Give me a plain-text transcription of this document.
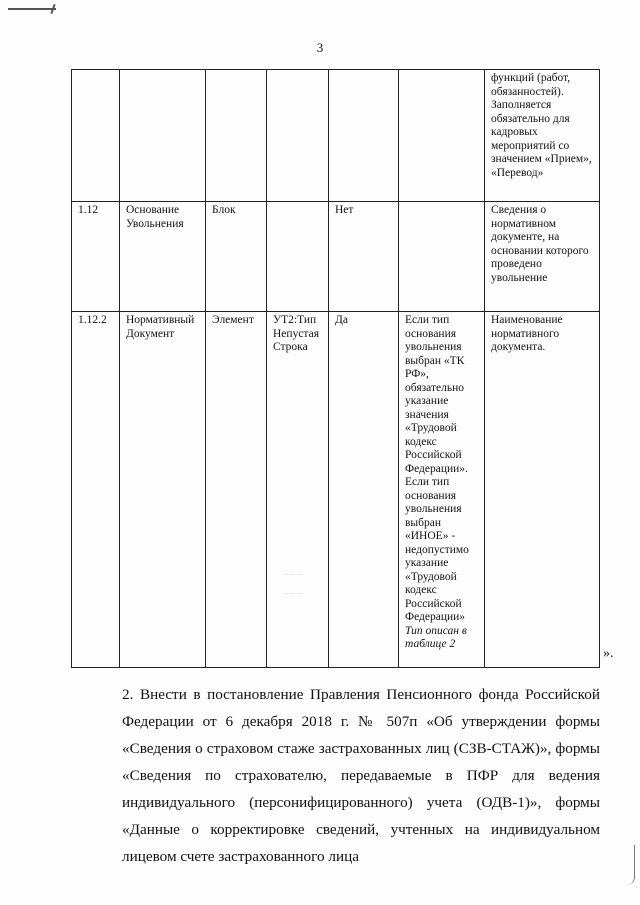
3
						функций (работ, обязанностей). Заполняется обязательно для кадровых мероприятий со значением «Прием», «Перевод»
1.12	Основание Увольнения	Блок		Нет		Сведения о нормативном документе, на основании которого проведено увольнение
1.12.2	Нормативный Документ	Элемент	УТ2:Тип Непустая Строка	Да	Если тип основания увольнения выбран «ТК РФ», обязательно указание значения «Трудовой кодекс Российской Федерации». Если тип основания увольнения выбран «ИНОЕ» - недопустимо указание «Трудовой кодекс Российской Федерации» Тип описан в таблице 2	Наименование нормативного документа.
».
2. Внести в постановление Правления Пенсионного фонда Российской Федерации от 6 декабря 2018 г. № 507п «Об утверждении формы «Сведения о страховом стаже застрахованных лиц (СЗВ-СТАЖ)», формы «Сведения по страхователю, передаваемые в ПФР для ведения индивидуального (персонифицированного) учета (ОДВ-1)», формы «Данные о корректировке сведений, учтенных на индивидуальном лицевом счете застрахованного лица
